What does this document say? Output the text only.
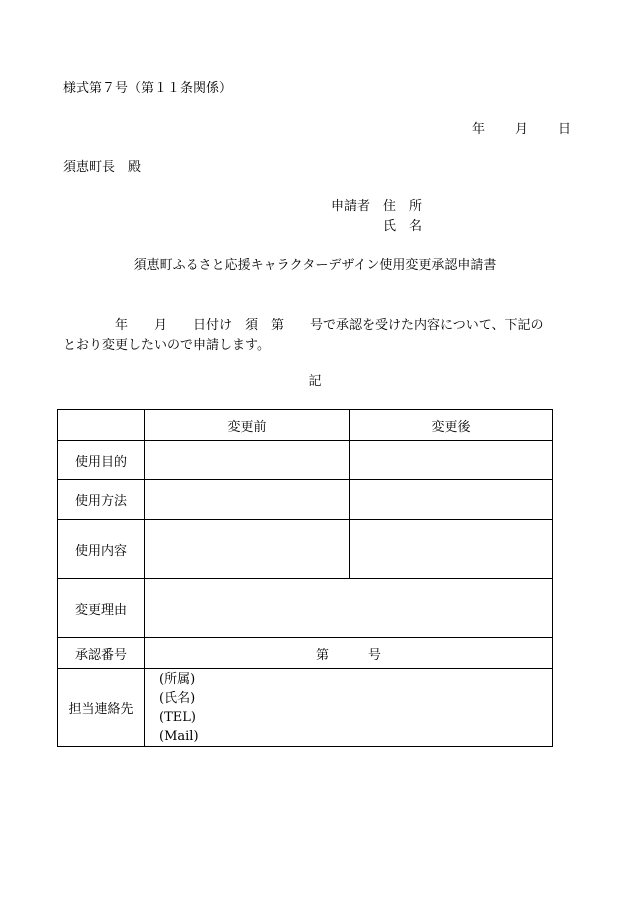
様式第７号（第１１条関係）
年 月 日
須恵町長　殿
申請者　住　所
氏　名
須恵町ふるさと応援キャラクターデザイン使用変更承認申請書

　　　　年　　月　　日付け　須　第　　号で承認を受けた内容について、下記の

とおり変更したいので申請します。

記
	変更前	変更後
使用目的		
使用方法		
使用内容		
変更理由		
承認番号	第　　　号	
担当連絡先	(所属)
(氏名)
(TEL)
(Mail)	
